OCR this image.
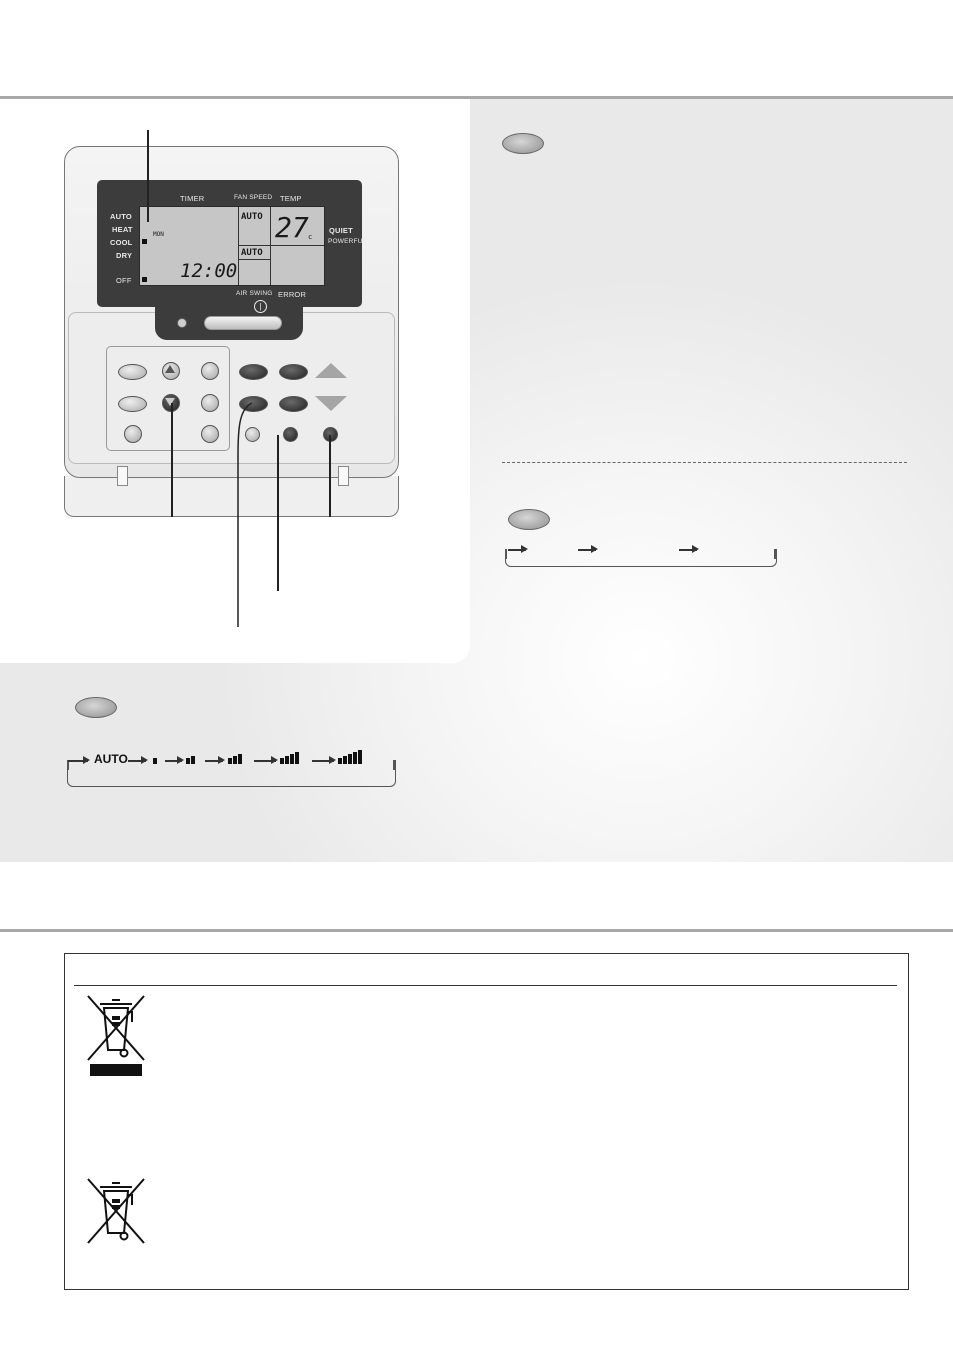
TIMER	FAN SPEED TEMP
AUTO
HEAT
COOL
DRY
OFF
QUIET
POWERFUL
AIR SWING ERROR
|
MON
12:00
AUTO
AUTO
27 c
AUTO
